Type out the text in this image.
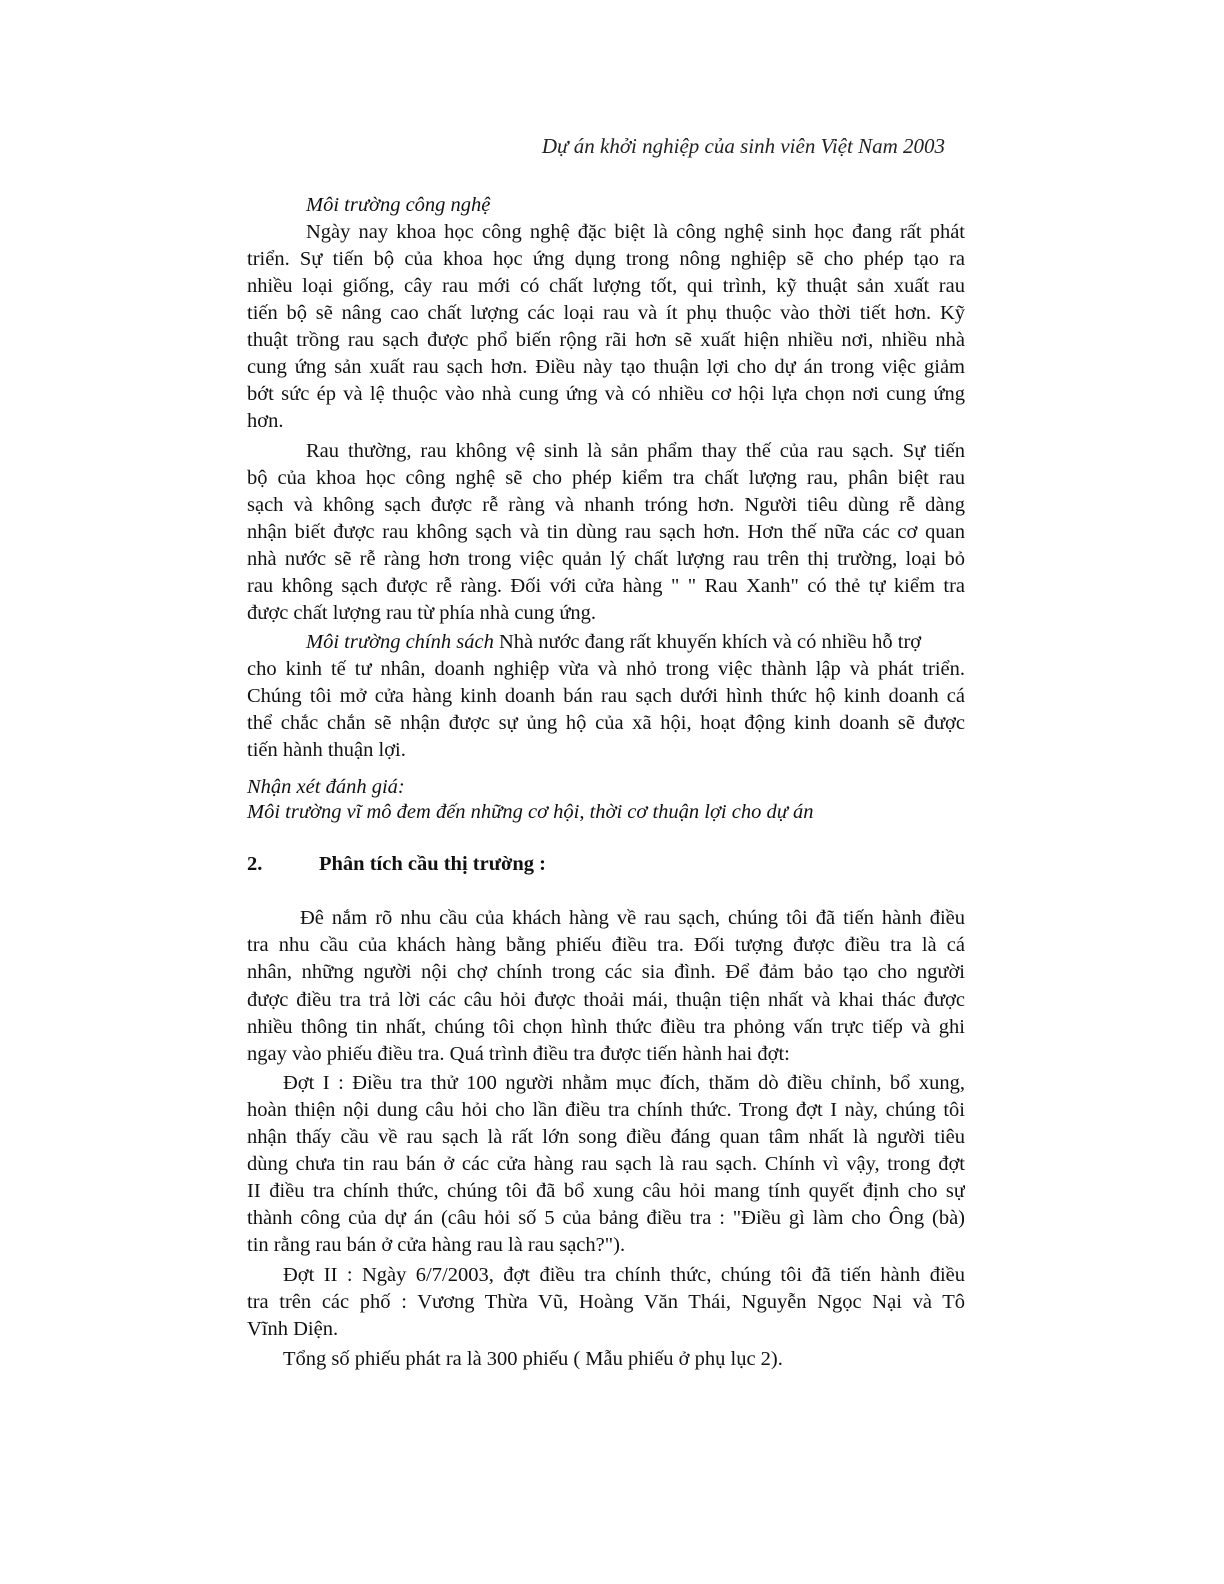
Dự án khởi nghiệp của sinh viên Việt Nam 2003
Môi trường công nghệ
Ngày nay khoa học công nghệ đặc biệt là công nghệ sinh học đang rất phát
triển. Sự tiến bộ của khoa học ứng dụng trong nông nghiệp sẽ cho phép tạo ra
nhiều loại giống, cây rau mới có chất lượng tốt, qui trình, kỹ thuật sản xuất rau
tiến bộ sẽ nâng cao chất lượng các loại rau và ít phụ thuộc vào thời tiết hơn. Kỹ
thuật trồng rau sạch được phổ biến rộng rãi hơn sẽ xuất hiện nhiều nơi, nhiều nhà
cung ứng sản xuất rau sạch hơn. Điều này tạo thuận lợi cho dự án trong việc giảm
bớt sức ép và lệ thuộc vào nhà cung ứng và có nhiều cơ hội lựa chọn nơi cung ứng
hơn.
Rau thường, rau không vệ sinh là sản phẩm thay thế của rau sạch. Sự tiến
bộ của khoa học công nghệ sẽ cho phép kiểm tra chất lượng rau, phân biệt rau
sạch và không sạch được rễ ràng và nhanh tróng hơn. Người tiêu dùng rễ dàng
nhận biết được rau không sạch và tin dùng rau sạch hơn. Hơn thế nữa các cơ quan
nhà nước sẽ rễ ràng hơn trong việc quản lý chất lượng rau trên thị trường, loại bỏ
rau không sạch được rễ ràng. Đối với cửa hàng " " Rau Xanh" có thẻ tự kiểm tra
được chất lượng rau từ phía nhà cung ứng.
Môi trường chính sách Nhà nước đang rất khuyến khích và có nhiều hỗ trợ
cho kinh tế tư nhân, doanh nghiệp vừa và nhỏ trong việc thành lập và phát triển.
Chúng tôi mở cửa hàng kinh doanh bán rau sạch dưới hình thức hộ kinh doanh cá
thể chắc chắn sẽ nhận được sự ủng hộ của xã hội, hoạt động kinh doanh sẽ được
tiến hành thuận lợi.
Nhận xét đánh giá:
Môi trường vĩ mô đem đến những cơ hội, thời cơ thuận lợi cho dự án
2.	Phân tích cầu thị trường :
Đê nắm rõ nhu cầu của khách hàng về rau sạch, chúng tôi đã tiến hành điều
tra nhu cầu của khách hàng bằng phiếu điều tra. Đối tượng được điều tra là cá
nhân, những người nội chợ chính trong các sia đình. Để đảm bảo tạo cho người
được điều tra trả lời các câu hỏi được thoải mái, thuận tiện nhất và khai thác được
nhiều thông tin nhất, chúng tôi chọn hình thức điều tra phỏng vấn trực tiếp và ghi
ngay vào phiếu điều tra. Quá trình điều tra được tiến hành hai đợt:
Đợt I : Điều tra thử 100 người nhằm mục đích, thăm dò điều chỉnh, bổ xung,
hoàn thiện nội dung câu hỏi cho lần điều tra chính thức. Trong đợt I này, chúng tôi
nhận thấy cầu về rau sạch là rất lớn song điều đáng quan tâm nhất là người tiêu
dùng chưa tin rau bán ở các cửa hàng rau sạch là rau sạch. Chính vì vậy, trong đợt
II điều tra chính thức, chúng tôi đã bổ xung câu hỏi mang tính quyết định cho sự
thành công của dự án (câu hỏi số 5 của bảng điều tra : "Điều gì làm cho Ông (bà)
tin rằng rau bán ở cửa hàng rau là rau sạch?").
Đợt II : Ngày 6/7/2003, đợt điều tra chính thức, chúng tôi đã tiến hành điều
tra trên các phố : Vương Thừa Vũ, Hoàng Văn Thái, Nguyễn Ngọc Nại và Tô
Vĩnh Diện.
Tổng số phiếu phát ra là 300 phiếu ( Mẫu phiếu ở phụ lục 2).
